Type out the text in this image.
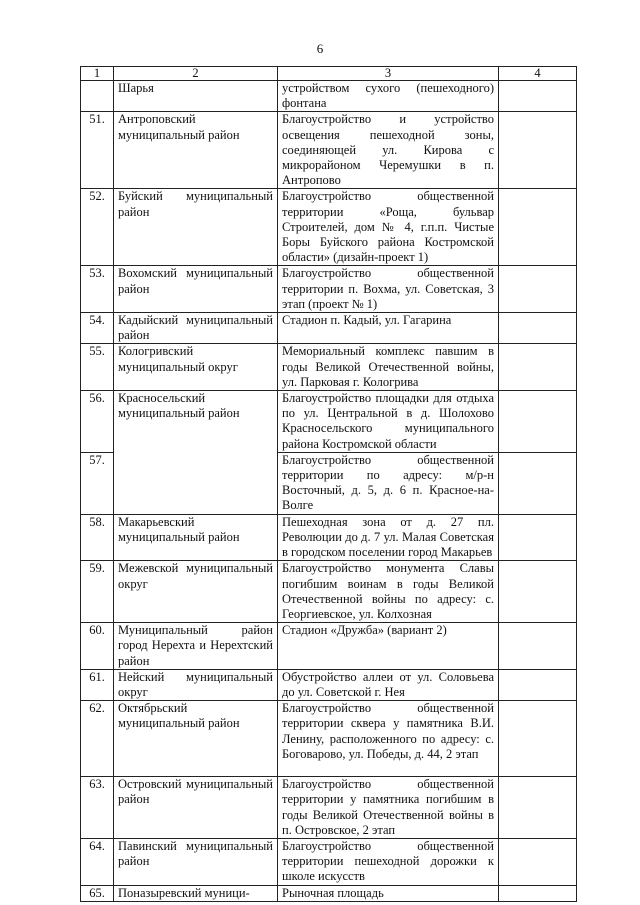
6
1	2	3	4
	Шарья	устройством сухого (пешеходного) фонтана	
51.	Антроповский муниципальный район	Благоустройство и устройство освещения пешеходной зоны, соединяющей ул. Кирова с микрорайоном Черемушки в п. Антропово	
52.	Буйский муниципальный район	Благоустройство общественной территории «Роща, бульвар Строителей, дом № 4, г.п.п. Чистые Боры Буйского района Костромской области» (дизайн-проект 1)	
53.	Вохомский муниципальный район	Благоустройство общественной территории п. Вохма, ул. Советская, 3 этап (проект № 1)	
54.	Кадыйский муниципальный район	Стадион п. Кадый, ул. Гагарина	
55.	Кологривский муниципальный округ	Мемориальный комплекс павшим в годы Великой Отечественной войны, ул. Парковая г. Кологрива	
56.	Красносельский муниципальный район	Благоустройство площадки для отдыха по ул. Центральной в д. Шолохово Красносельского муниципального района Костромской области	
57.		Благоустройство общественной территории по адресу: м/р-н Восточный, д. 5, д. 6 п. Красное-на-Волге	
58.	Макарьевский муниципальный район	Пешеходная зона от д. 27 пл. Революции до д. 7 ул. Малая Советская в городском поселении город Макарьев	
59.	Межевской муниципальный округ	Благоустройство монумента Славы погибшим воинам в годы Великой Отечественной войны по адресу: с. Георгиевское, ул. Колхозная	
60.	Муниципальный район город Нерехта и Нерехтский район	Стадион «Дружба» (вариант 2)	
61.	Нейский муниципальный округ	Обустройство аллеи от ул. Соловьева до ул. Советской г. Нея	
62.	Октябрьский муниципальный район	Благоустройство общественной территории сквера у памятника В.И. Ленину, расположенного по адресу: с. Боговарово, ул. Победы, д. 44, 2 этап	
63.	Островский муниципальный район	Благоустройство общественной территории у памятника погибшим в годы Великой Отечественной войны в п. Островское, 2 этап	
64.	Павинский муниципальный район	Благоустройство общественной территории пешеходной дорожки к школе искусств	
65.	Поназыревский муници-	Рыночная площадь	
